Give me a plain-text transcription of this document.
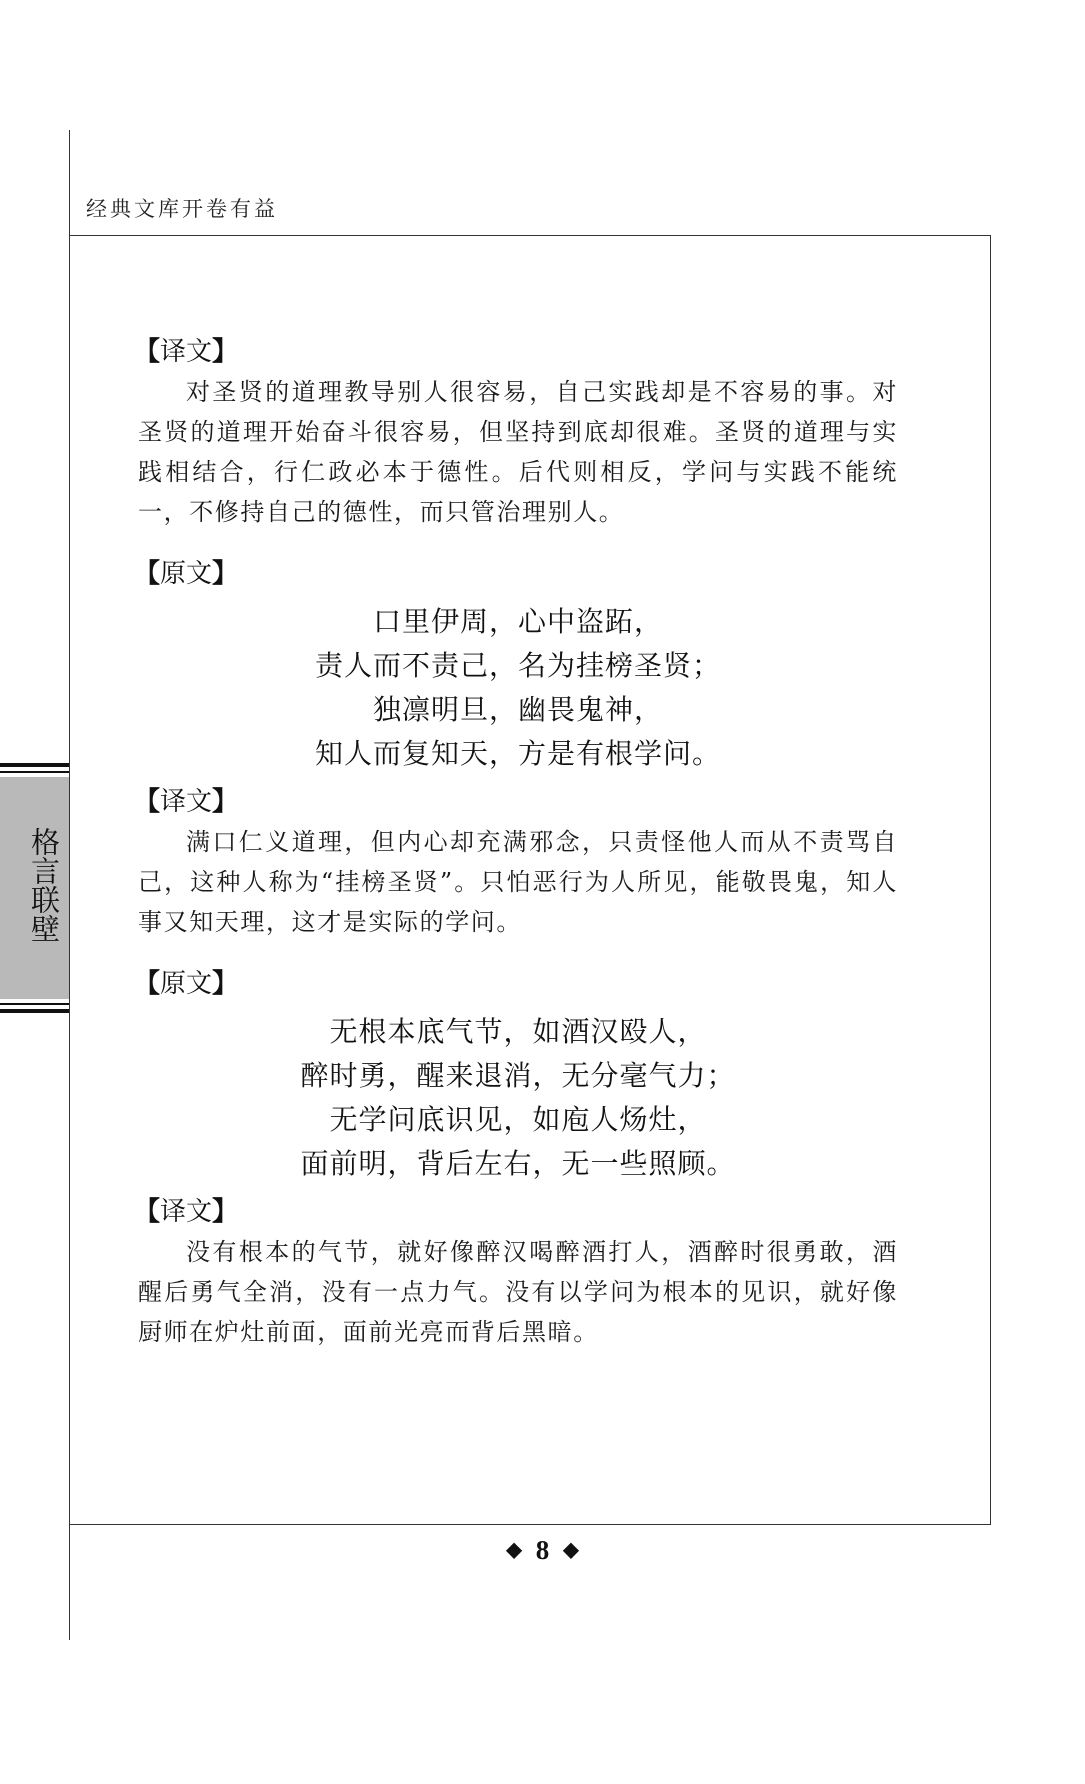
经典文库开卷有益
格言联壁
【译文】

对圣贤的道理教导别人很容易，自己实践却是不容易的事。对圣贤的道理开始奋斗很容易，但坚持到底却很难。圣贤的道理与实践相结合，行仁政必本于德性。后代则相反，学问与实践不能统一，不修持自己的德性，而只管治理别人。

【原文】
口里伊周，心中盗跖，
责人而不责己，名为挂榜圣贤；
独凛明旦，幽畏鬼神，
知人而复知天，方是有根学问。
【译文】

满口仁义道理，但内心却充满邪念，只责怪他人而从不责骂自己，这种人称为“挂榜圣贤”。只怕恶行为人所见，能敬畏鬼，知人事又知天理，这才是实际的学问。

【原文】
无根本底气节，如酒汉殴人，
醉时勇，醒来退消，无分毫气力；
无学问底识见，如庖人炀灶，
面前明，背后左右，无一些照顾。
【译文】

没有根本的气节，就好像醉汉喝醉酒打人，酒醉时很勇敢，酒醒后勇气全消，没有一点力气。没有以学问为根本的见识，就好像厨师在炉灶前面，面前光亮而背后黑暗。

◆ 8 ◆
